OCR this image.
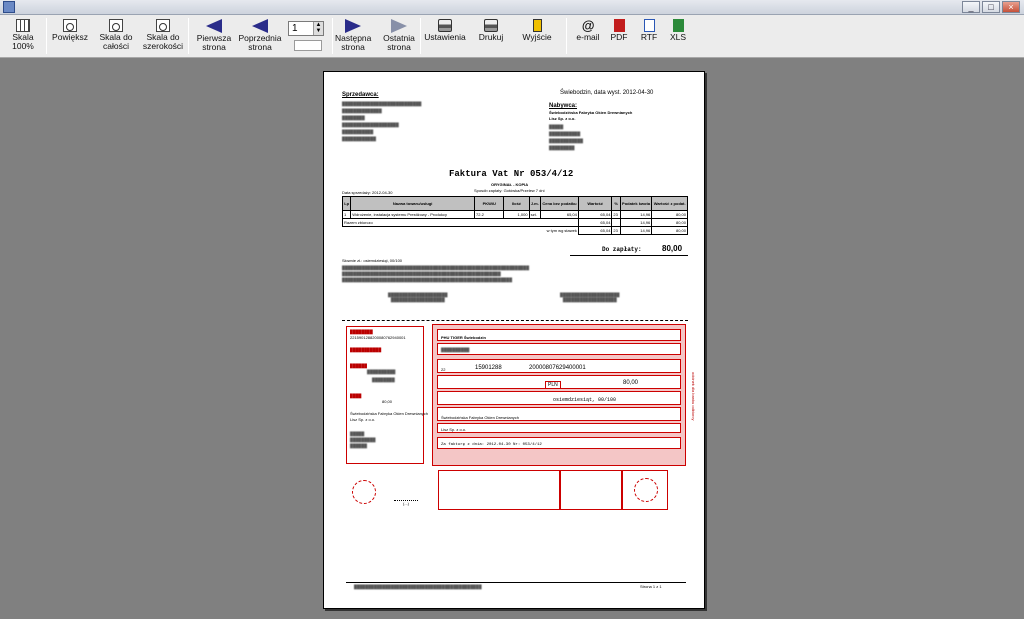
_	□	×
Skala 100%
Powiększ	Skala do całości
Skala do szerokości
Pierwsza strona
Poprzednia strona
Następna strona
Ostatnia strona
Ustawienia	Drukuj	Wyjście
@
e-mail	PDF	RTF	XLS
1	▲
▼
Sprzedawca:
████████████████████████████
██████████████
████████
████████████████████
███████████
████████████
Świebodzin, data wyst. 2012-04-30
Nabywca:
Świebodzińska Fabryka Okien Drewnianych
Lisz Sp. z o.o.
█████
███████████
████████████
█████████
Faktura Vat Nr 053/4/12
ORYGINAŁ - KOPIA
Sposób zapłaty: Gotówka/Przelew 7 dni
Data sprzedaży: 2012-04-30
Lp	Nazwa towaru/usługi	PKWiU	Ilość	J.m.	Cena bez podatku	Wartość	%	Podatek kwota	Wartość z podat.
1	Wdrożenie, instalacja systemu Prestiżowy - Produkcy	72.2	1,000	szt.	65,04	65,04	23	14,96	80,00
Razem zbiorczo						65,04		14,96	80,00
w tym wg stawek						65,04	23	14,96	80,00
Do zapłaty:	80,00
Słownie zł.: osiemdziesiąt, 00/100
██████████████████████████████████████████████████████████████████
████████████████████████████████████████████████████████
████████████████████████████████████████████████████████████
█████████████████████
███████████████████
█████████████████████
███████████████████
████████
2215901288200080762940001
███████████
██████
██████████
████████
████
80,00
Świebodzińska Fabryka Okien Drewnianych
Lisz Sp. z o.o.
█████
█████████
██████
PHU TIGER Świebodzin
██████████
22	15901288	20000807629400001
PLN	80,00
osiemdziesiąt, 00/100
Świebodzińska Fabryka Okien Drewnianych
Lisz Sp. z o.o.
Za fakturę z dnia: 2012-04-30 Nr: 053/4/12
odcinek dla banku odbiorcy
(...)
█████████████████████████████████████████████	Strona 1 z 1
